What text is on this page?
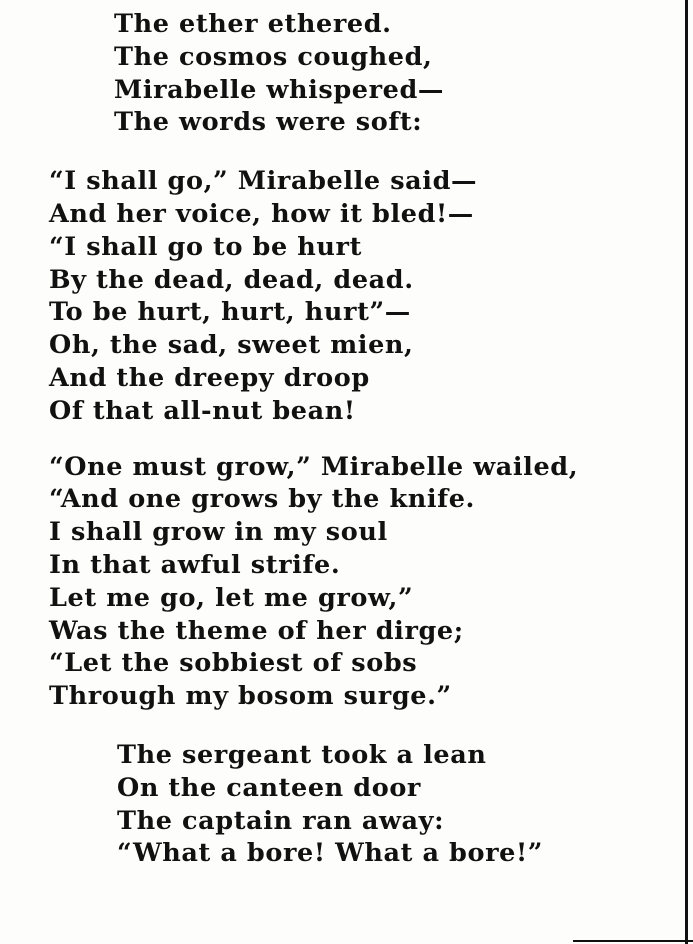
The ether ethered.
The cosmos coughed,
Mirabelle whispered—
The words were soft:
“I shall go,” Mirabelle said—
And her voice, how it bled!—
“I shall go to be hurt
By the dead, dead, dead.
To be hurt, hurt, hurt”—
Oh, the sad, sweet mien,
And the dreepy droop
Of that all-nut bean!
“One must grow,” Mirabelle wailed,
“And one grows by the knife.
I shall grow in my soul
In that awful strife.
Let me go, let me grow,”
Was the theme of her dirge;
“Let the sobbiest of sobs
Through my bosom surge.”
The sergeant took a lean
On the canteen door
The captain ran away:
“What a bore! What a bore!”
